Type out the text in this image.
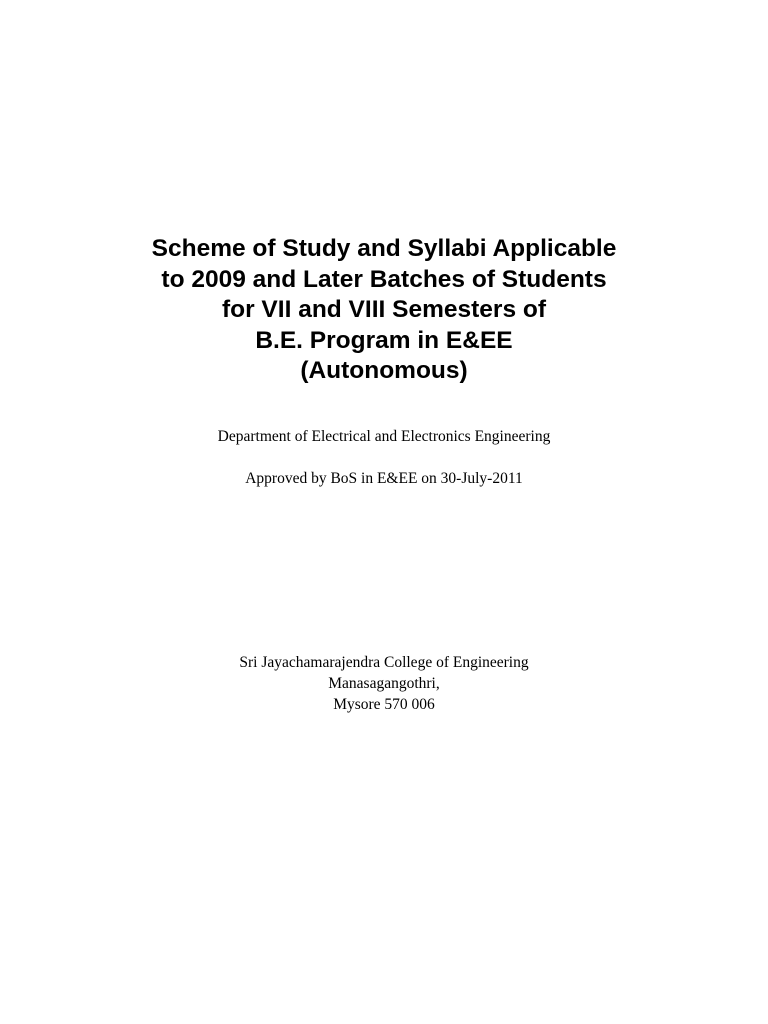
Scheme of Study and Syllabi Applicable
to 2009 and Later Batches of Students
for VII and VIII Semesters of
B.E. Program in E&EE
(Autonomous)
Department of Electrical and Electronics Engineering
Approved by BoS in E&EE on 30-July-2011
Sri Jayachamarajendra College of Engineering
Manasagangothri,
Mysore 570 006
